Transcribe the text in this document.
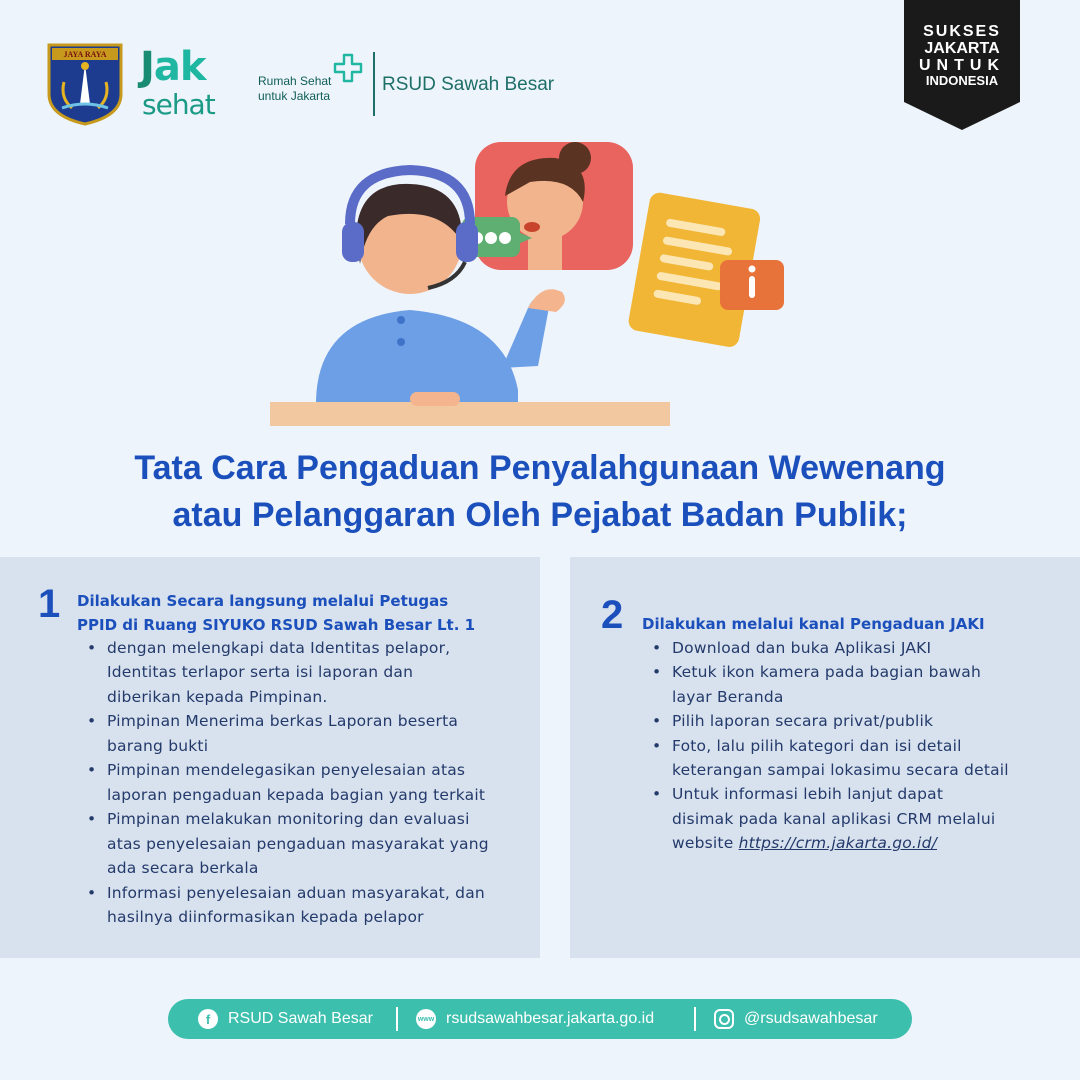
JAYA RAYA Jak
sehat
Rumah Sehat
untuk Jakarta
RSUD Sawah Besar
SUKSES
JAKARTA
UNTUK
INDONESIA
Tata Cara Pengaduan Penyalahgunaan Wewenang
atau Pelanggaran Oleh Pejabat Badan Publik;
1 Dilakukan Secara langsung melalui Petugas
PPID di Ruang SIYUKO RSUD Sawah Besar Lt. 1
• dengan melengkapi data Identitas pelapor,
Identitas terlapor serta isi laporan dan
diberikan kepada Pimpinan.
• Pimpinan Menerima berkas Laporan beserta
barang bukti
• Pimpinan mendelegasikan penyelesaian atas
laporan pengaduan kepada bagian yang terkait
• Pimpinan melakukan monitoring dan evaluasi
atas penyelesaian pengaduan masyarakat yang
ada secara berkala
• Informasi penyelesaian aduan masyarakat, dan
hasilnya diinformasikan kepada pelapor
2 Dilakukan melalui kanal Pengaduan JAKI
• Download dan buka Aplikasi JAKI
• Ketuk ikon kamera pada bagian bawah
layar Beranda
• Pilih laporan secara privat/publik
• Foto, lalu pilih kategori dan isi detail
keterangan sampai lokasimu secara detail
• Untuk informasi lebih lanjut dapat
disimak pada kanal aplikasi CRM melalui
website https://crm.jakarta.go.id/
f	RSUD Sawah Besar	www rsudsawahbesar.jakarta.go.id	@rsudsawahbesar
